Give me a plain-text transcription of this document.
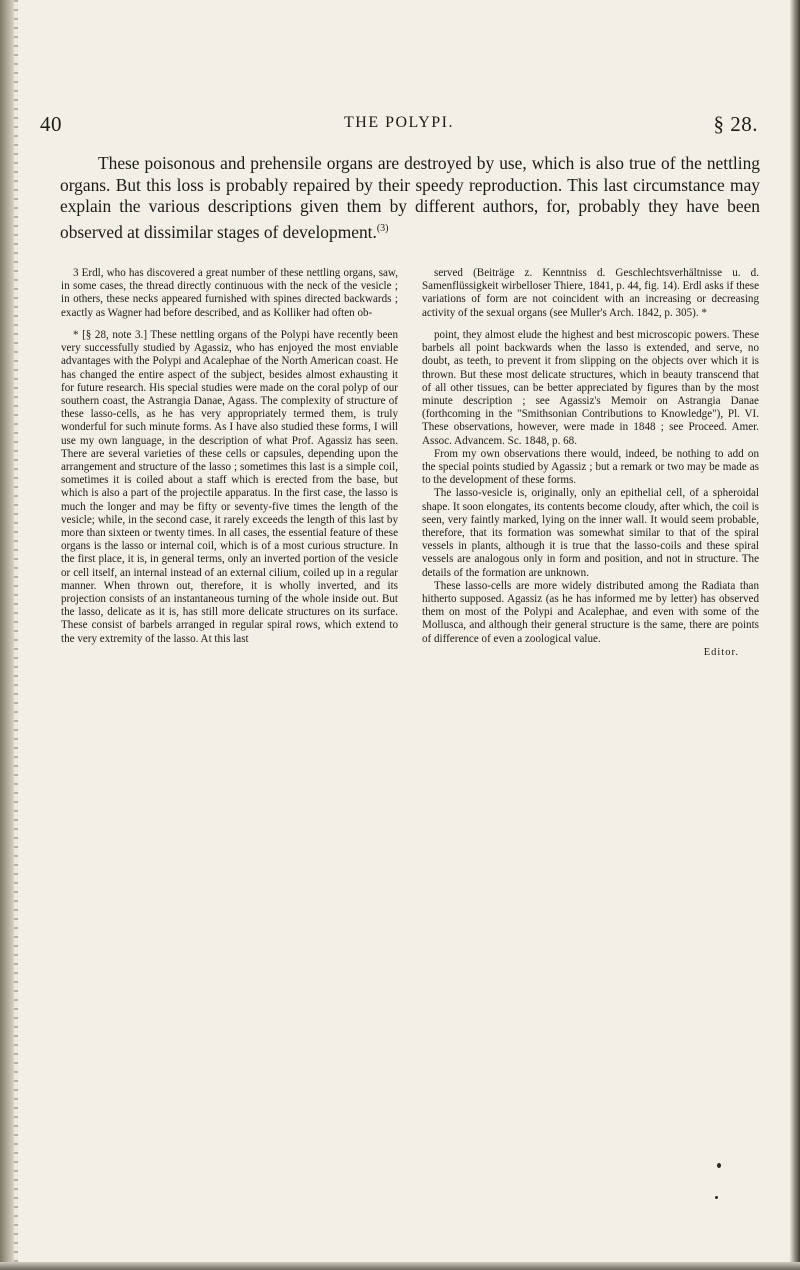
40	THE POLYPI.	§ 28.

These poisonous and prehensile organs are destroyed by use, which is also true of the nettling organs. But this loss is probably repaired by their speedy reproduction. This last circumstance may explain the various descriptions given them by different authors, for, probably they have been observed at dissimilar stages of development.$^{(3)}$

3 Erdl, who has discovered a great number of these nettling organs, saw, in some cases, the thread directly continuous with the neck of the vesicle ; in others, these necks appeared furnished with spines directed backwards ; exactly as Wagner had before described, and as Kolliker had often ob-

* [§ 28, note 3.] These nettling organs of the Polypi have recently been very successfully studied by Agassiz, who has enjoyed the most enviable advantages with the Polypi and Acalephae of the North American coast. He has changed the entire aspect of the subject, besides almost exhausting it for future research. His special studies were made on the coral polyp of our southern coast, the Astrangia Danae, Agass. The complexity of structure of these lasso-cells, as he has very appropriately termed them, is truly wonderful for such minute forms. As I have also studied these forms, I will use my own language, in the description of what Prof. Agassiz has seen. There are several varieties of these cells or capsules, depending upon the arrangement and structure of the lasso ; sometimes this last is a simple coil, sometimes it is coiled about a staff which is erected from the base, but which is also a part of the projectile apparatus. In the first case, the lasso is much the longer and may be fifty or seventy-five times the length of the vesicle; while, in the second case, it rarely exceeds the length of this last by more than sixteen or twenty times. In all cases, the essential feature of these organs is the lasso or internal coil, which is of a most curious structure. In the first place, it is, in general terms, only an inverted portion of the vesicle or cell itself, an internal instead of an external cilium, coiled up in a regular manner. When thrown out, therefore, it is wholly inverted, and its projection consists of an instantaneous turning of the whole inside out. But the lasso, delicate as it is, has still more delicate structures on its surface. These consist of barbels arranged in regular spiral rows, which extend to the very extremity of the lasso. At this last

served (Beiträge z. Kenntniss d. Geschlechtsverhältnisse u. d. Samenflüssigkeit wirbelloser Thiere, 1841, p. 44, fig. 14). Erdl asks if these variations of form are not coincident with an increasing or decreasing activity of the sexual organs (see Muller's Arch. 1842, p. 305). *

point, they almost elude the highest and best microscopic powers. These barbels all point backwards when the lasso is extended, and serve, no doubt, as teeth, to prevent it from slipping on the objects over which it is thrown. But these most delicate structures, which in beauty transcend that of all other tissues, can be better appreciated by figures than by the most minute description ; see Agassiz's Memoir on Astrangia Danae (forthcoming in the "Smithsonian Contributions to Knowledge"), Pl. VI. These observations, however, were made in 1848 ; see Proceed. Amer. Assoc. Advancem. Sc. 1848, p. 68.

From my own observations there would, indeed, be nothing to add on the special points studied by Agassiz ; but a remark or two may be made as to the development of these forms.

The lasso-vesicle is, originally, only an epithelial cell, of a spheroidal shape. It soon elongates, its contents become cloudy, after which, the coil is seen, very faintly marked, lying on the inner wall. It would seem probable, therefore, that its formation was somewhat similar to that of the spiral vessels in plants, although it is true that the lasso-coils and these spiral vessels are analogous only in form and position, and not in structure. The details of the formation are unknown.

These lasso-cells are more widely distributed among the Radiata than hitherto supposed. Agassiz (as he has informed me by letter) has observed them on most of the Polypi and Acalephae, and even with some of the Mollusca, and although their general structure is the same, there are points of difference of even a zoological value.

Editor.
